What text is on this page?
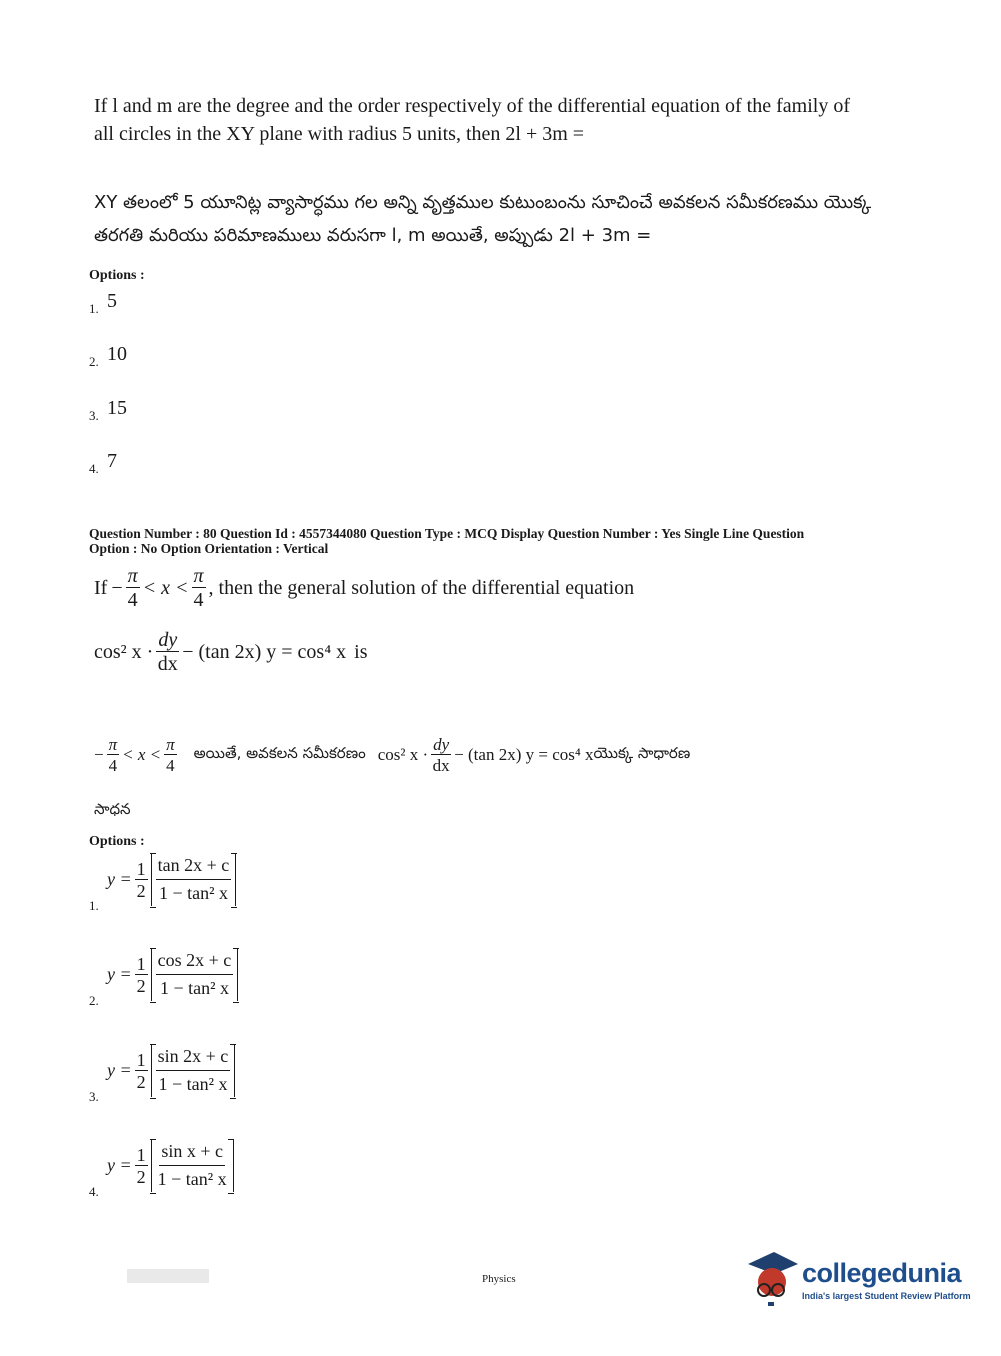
If l and m are the degree and the order respectively of the differential equation of the family of all circles in the XY plane with radius 5 units, then 2l + 3m =
XY తలంలో 5 యూనిట్ల వ్యాసార్ధము గల అన్ని వృత్తముల కుటుంబంను సూచించే అవకలన సమీకరణము యొక్క తరగతి మరియు పరిమాణములు వరుసగా l, m అయితే, అప్పుడు 2l + 3m =
Options :
1. 5
2. 10
3. 15
4. 7
Question Number : 80 Question Id : 4557344080 Question Type : MCQ Display Question Number : Yes Single Line Question
Option : No Option Orientation : Vertical
$If - \frac{\pi}{4} < x < \frac{\pi}{4}$ , then the general solution of the differential equation
cos² $x \cdot \frac{dy}{dx} - (\tan$ 2x) y = cos⁴ x is
− $\frac{\pi}{4} < x < \frac{\pi}{4}$ అయితే, అవకలన సమీకరణం cos² $x \cdot \frac{dy}{dx} - (\tan$ 2x) y = cos⁴ x యొక్క సాధారణ
సాధన
Options :
1.
$y = \frac{1}{2}$ tan 2x + c
1 − tan² x
2.
$y = \frac{1}{2}$ cos 2x + c
1 − tan² x
3.
$y = \frac{1}{2}$ sin 2x + c
1 − tan² x
4.
$y = \frac{1}{2}$ sin x + c
1 − tan² x
Physics	collegedunia
India's largest Student Review Platform
